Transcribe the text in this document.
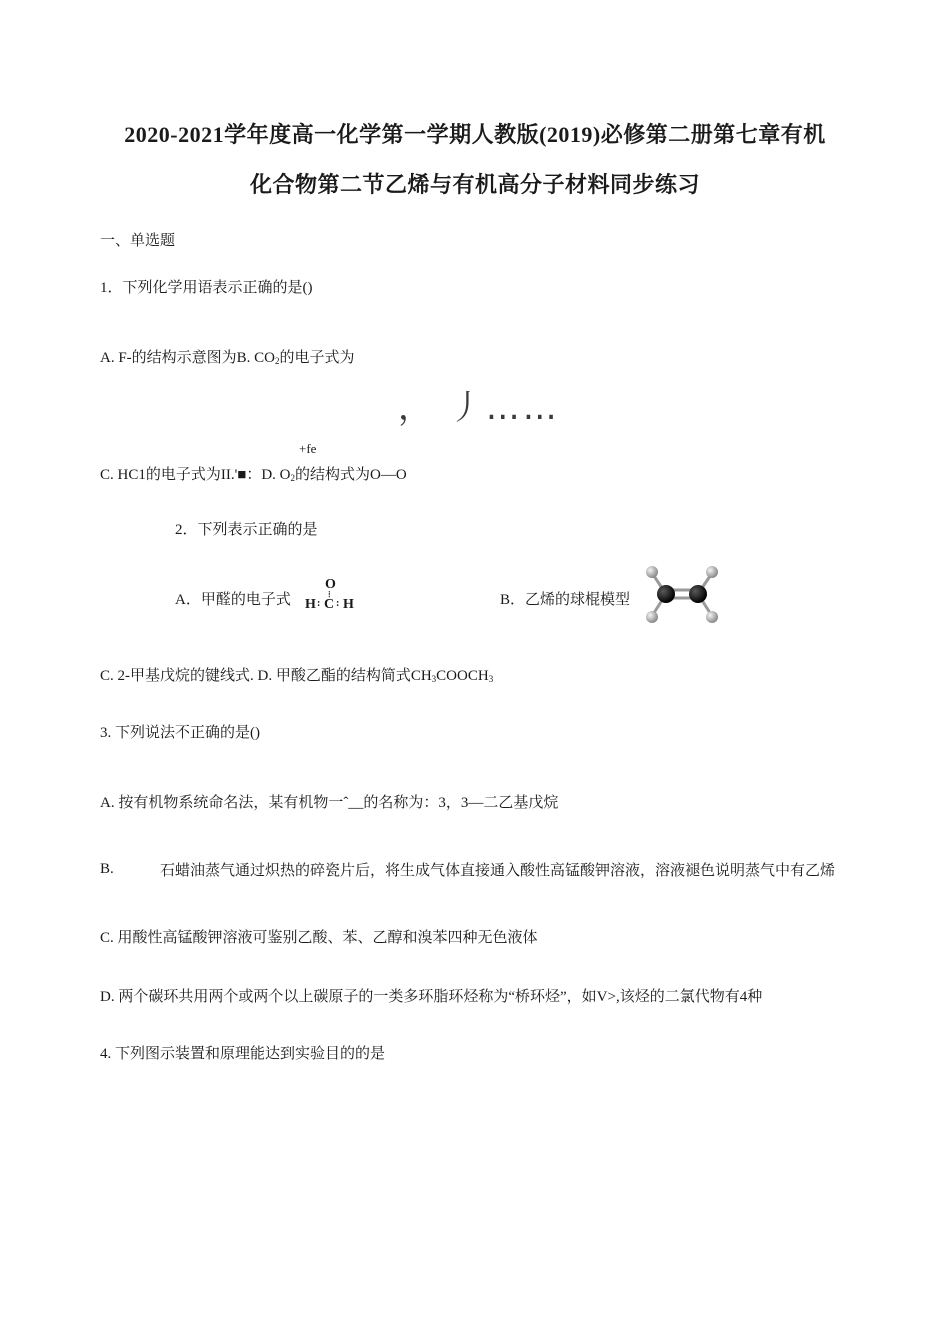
2020-2021学年度高一化学第一学期人教版(2019)必修第二册第七章有机
化合物第二节乙烯与有机高分子材料同步练习
一、单选题
1．下列化学用语表示正确的是()
A. F-的结构示意图为B. $CO_2$的电子式为
， 丿……
+fe
C. HC1的电子式为II.'■：D. $O_2$的结构式为O—O
2．下列表示正确的是
A．甲醛的电子式
O
⁞
H : C : H	B．乙烯的球棍模型
C. 2-甲基戊烷的键线式. D. 甲酸乙酯的结构简式$CH_3COOCH_3$
3. 下列说法不正确的是()
A. 按有机物系统命名法，某有机物一ˆ__的名称为：3，3—二乙基戊烷
B.	石蜡油蒸气通过炽热的碎瓷片后，将生成气体直接通入酸性高锰酸钾溶液，溶液褪色说明蒸气中有乙烯
C. 用酸性高锰酸钾溶液可鉴别乙酸、苯、乙醇和溴苯四种无色液体
D. 两个碳环共用两个或两个以上碳原子的一类多环脂环烃称为“桥环烃”，如V>,该烃的二氯代物有4种
4. 下列图示装置和原理能达到实验目的的是
